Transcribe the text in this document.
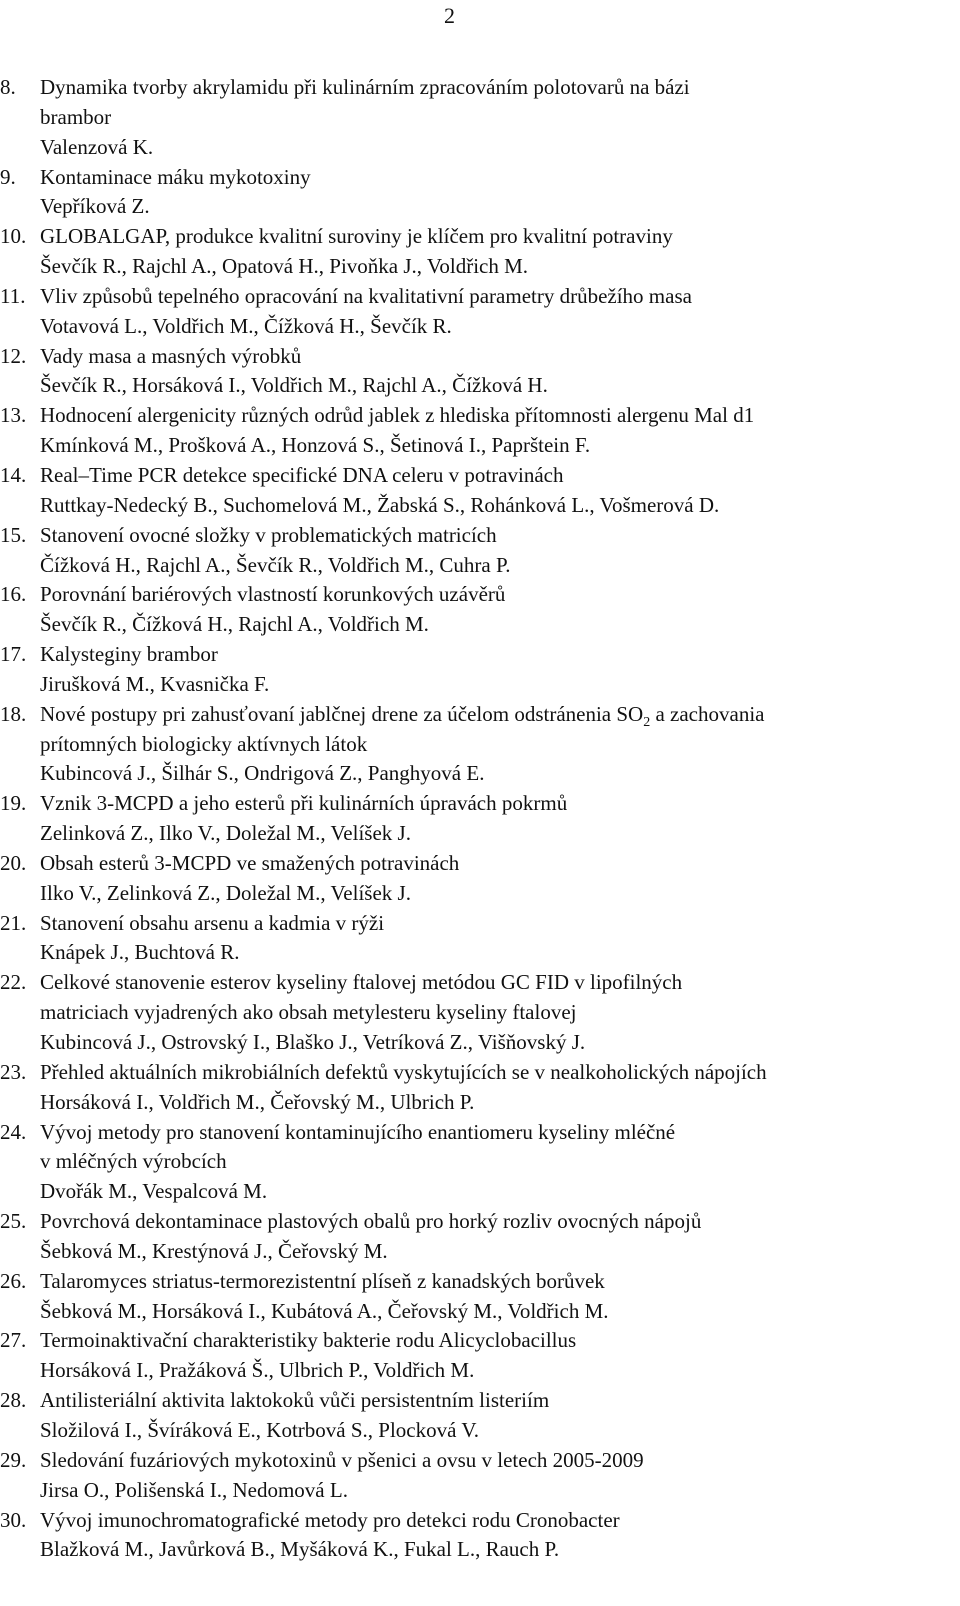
2
8.	Dynamika tvorby akrylamidu při kulinárním zpracováním polotovarů na bázi
brambor
Valenzová K.
9.	Kontaminace máku mykotoxiny
Vepříková Z.
10. GLOBALGAP, produkce kvalitní suroviny je klíčem pro kvalitní potraviny
Ševčík R., Rajchl A., Opatová H., Pivoňka J., Voldřich M.
11. Vliv způsobů tepelného opracování na kvalitativní parametry drůbežího masa
Votavová L., Voldřich M., Čížková H., Ševčík R.
12. Vady masa a masných výrobků
Ševčík R., Horsáková I., Voldřich M., Rajchl A., Čížková H.
13. Hodnocení alergenicity různých odrůd jablek z hlediska přítomnosti alergenu Mal d1
Kmínková M., Prošková A., Honzová S., Šetinová I., Paprštein F.
14. Real–Time PCR detekce specifické DNA celeru v potravinách
Ruttkay-Nedecký B., Suchomelová M., Žabská S., Rohánková L., Vošmerová D.
15. Stanovení ovocné složky v problematických matricích
Čížková H., Rajchl A., Ševčík R., Voldřich M., Cuhra P.
16. Porovnání bariérových vlastností korunkových uzávěrů
Ševčík R., Čížková H., Rajchl A., Voldřich M.
17. Kalysteginy brambor
Jirušková M., Kvasnička F.
18. Nové postupy pri zahusťovaní jablčnej drene za účelom odstránenia $SO_2$ a zachovania
prítomných biologicky aktívnych látok
Kubincová J., Šilhár S., Ondrigová Z., Panghyová E.
19. Vznik 3-MCPD a jeho esterů při kulinárních úpravách pokrmů
Zelinková Z., Ilko V., Doležal M., Velíšek J.
20. Obsah esterů 3-MCPD ve smažených potravinách
Ilko V., Zelinková Z., Doležal M., Velíšek J.
21. Stanovení obsahu arsenu a kadmia v rýži
Knápek J., Buchtová R.
22. Celkové stanovenie esterov kyseliny ftalovej metódou GC FID v lipofilných
matriciach vyjadrených ako obsah metylesteru kyseliny ftalovej
Kubincová J., Ostrovský I., Blaško J., Vetríková Z., Višňovský J.
23. Přehled aktuálních mikrobiálních defektů vyskytujících se v nealkoholických nápojích
Horsáková I., Voldřich M., Čeřovský M., Ulbrich P.
24. Vývoj metody pro stanovení kontaminujícího enantiomeru kyseliny mléčné
v mléčných výrobcích
Dvořák M., Vespalcová M.
25. Povrchová dekontaminace plastových obalů pro horký rozliv ovocných nápojů
Šebková M., Krestýnová J., Čeřovský M.
26. Talaromyces striatus-termorezistentní plíseň z kanadských borůvek
Šebková M., Horsáková I., Kubátová A., Čeřovský M., Voldřich M.
27. Termoinaktivační charakteristiky bakterie rodu Alicyclobacillus
Horsáková I., Pražáková Š., Ulbrich P., Voldřich M.
28. Antilisteriální aktivita laktokoků vůči persistentním listeriím
Složilová I., Švíráková E., Kotrbová S., Plocková V.
29. Sledování fuzáriových mykotoxinů v pšenici a ovsu v letech 2005-2009
Jirsa O., Polišenská I., Nedomová L.
30. Vývoj imunochromatografické metody pro detekci rodu Cronobacter
Blažková M., Javůrková B., Myšáková K., Fukal L., Rauch P.
